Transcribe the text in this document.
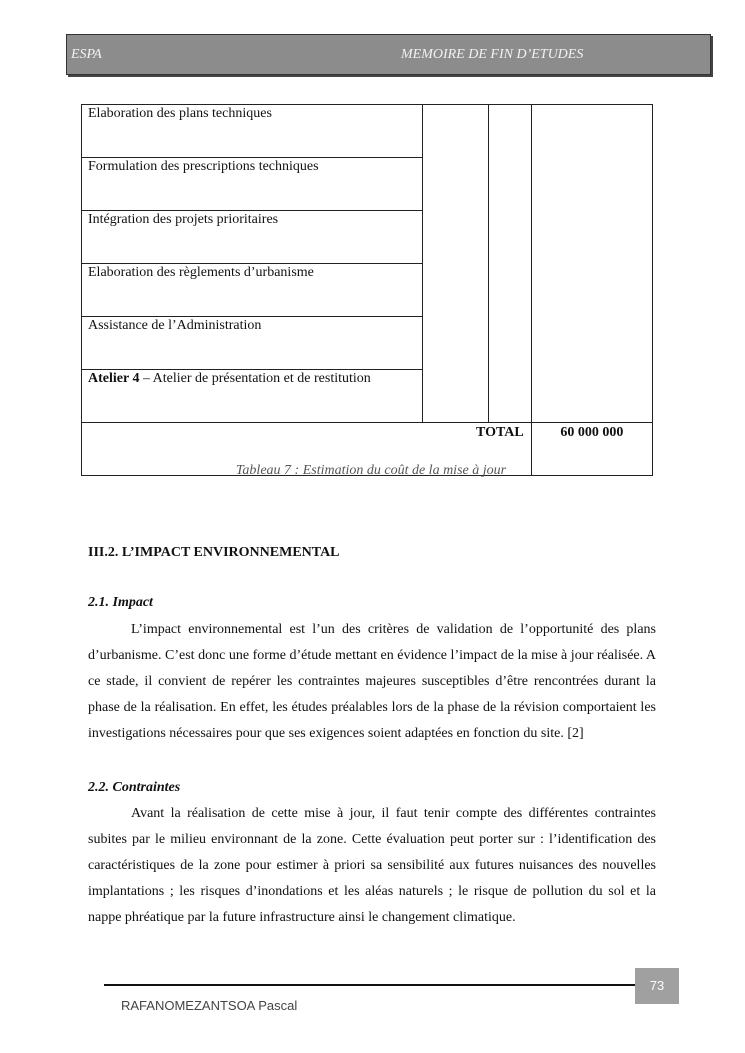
ESPA	MEMOIRE DE FIN D’ETUDES
Elaboration des plans techniques			
Formulation des prescriptions techniques			
Intégration des projets prioritaires			
Elaboration des règlements d’urbanisme			
Assistance de l’Administration			
Atelier 4 – Atelier de présentation et de restitution			
TOTAL			60 000 000
Tableau 7 : Estimation du coût de la mise à jour
III.2. L’IMPACT ENVIRONNEMENTAL
2.1. Impact

L’impact environnemental est l’un des critères de validation de l’opportunité des plans d’urbanisme. C’est donc une forme d’étude mettant en évidence l’impact de la mise à jour réalisée. A ce stade, il convient de repérer les contraintes majeures susceptibles d’être rencontrées durant la phase de la réalisation. En effet, les études préalables lors de la phase de la révision comportaient les investigations nécessaires pour que ses exigences soient adaptées en fonction du site. [2]

2.2. Contraintes

Avant la réalisation de cette mise à jour, il faut tenir compte des différentes contraintes subites par le milieu environnant de la zone. Cette évaluation peut porter sur : l’identification des caractéristiques de la zone pour estimer à priori sa sensibilité aux futures nuisances des nouvelles implantations ; les risques d’inondations et les aléas naturels ; le risque de pollution du sol et la nappe phréatique par la future infrastructure ainsi le changement climatique.

73
RAFANOMEZANTSOA Pascal
